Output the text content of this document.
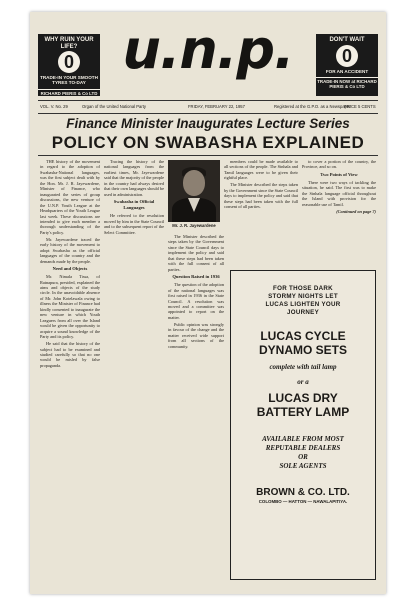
WHY RUIN YOUR LIFE?
0
TRADE-IN YOUR SMOOTH TYRES TO-DAY
RICHARD PIERIS & Co LTD
u.n.p.	DON'T WAIT
0
FOR AN ACCIDENT
TRADE-IN NOW at RICHARD PIERIS & Co LTD
VOL. V. No. 29	Organ of the United National Party	FRIDAY, FEBRUARY 22, 1957	Registered at the G.P.O. as a Newspaper
PRICE 5 CENTS
Finance Minister Inaugurates Lecture Series
POLICY ON SWABASHA EXPLAINED

THE history of the movement in regard to the adoption of Swabasha-National languages, was the first subject dealt with by the Hon. Mr. J. R. Jayewardene, Minister of Finance, who inaugurated the series of group discussions, the new venture of the U.N.P. Youth League at the Headquarters of the Youth League last week. These discussions are intended to give each member a thorough understanding of the Party's policy.

Mr. Jayewardene traced the early history of the movement to adopt Swabasha as the official languages of the country and the demands made by the people.

Need and Objects

Mr. Nimala Tissa, of Ratnapura, presided, explained the aims and objects of the study circle. In the unavoidable absence of Mr. John Kotelawala owing to illness the Minister of Finance had kindly consented to inaugurate the new venture in which Youth Leaguers from all over the Island would be given the opportunity to acquire a sound knowledge of the Party and its policy.

He said that the history of the subject had to be examined and studied carefully so that no one would be misled by false propaganda.

Tracing the history of the national languages from the earliest times, Mr. Jayewardene said that the majority of the people in the country had always desired that their own languages should be used in administration.

Swabasha in Official Languages

He referred to the resolution moved by him in the State Council and to the subsequent report of the Select Committee.

Mr. J. R. Jayewardene

members could be made available to all sections of the people. The Sinhala and Tamil languages were to be given their rightful place.

The Minister described the steps taken by the Government since the State Council days to implement the policy and said that these steps had been taken with the full consent of all parties.

to cover a portion of the country, the Province, and so on.

Two Points of View

There were two ways of tackling the situation, he said. The first was to make the Sinhala language official throughout the Island with provision for the reasonable use of Tamil.

(Continued on page 7)

The Minister described the steps taken by the Government since the State Council days to implement the policy and said that these steps had been taken with the full consent of all parties.

Question Raised in 1936

The question of the adoption of the national languages was first raised in 1936 in the State Council. A resolution was moved and a committee was appointed to report on the matter.

Public opinion was strongly in favour of the change and the matter received wide support from all sections of the community.

FOR THOSE DARK
STORMY NIGHTS LET
LUCAS LIGHTEN YOUR
JOURNEY
LUCAS CYCLE
DYNAMO SETS
complete with tail lamp
or a
LUCAS DRY
BATTERY LAMP
AVAILABLE FROM MOST
REPUTABLE DEALERS
OR
SOLE AGENTS
BROWN & CO. LTD.
COLOMBO — HATTON — NAWALAPITIYA.
